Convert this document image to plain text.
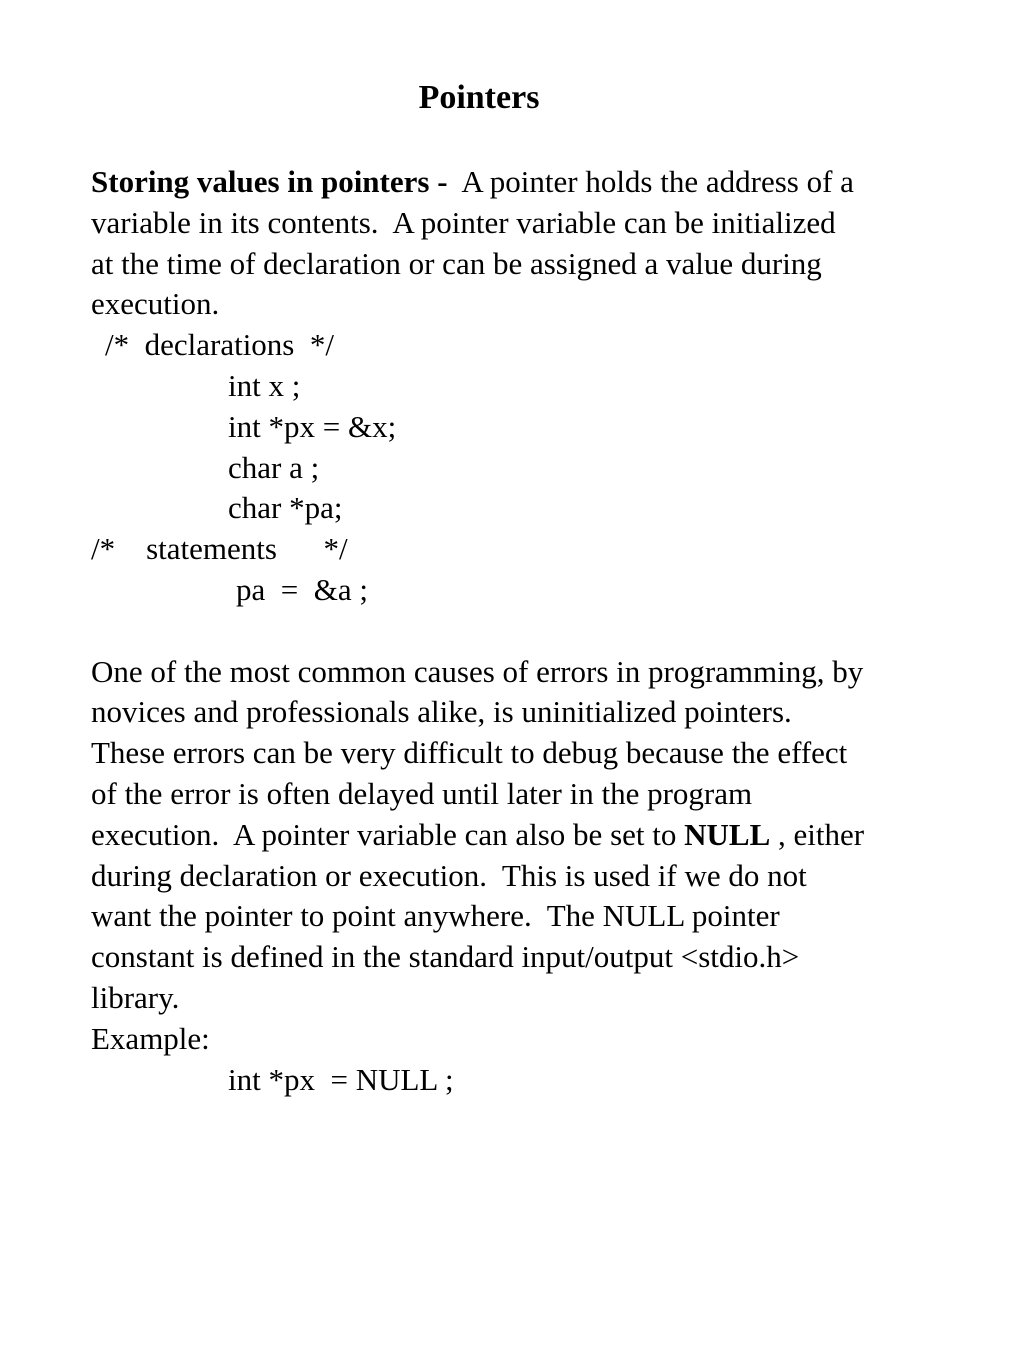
Pointers
Storing values in pointers - A pointer holds the address of a
variable in its contents.  A pointer variable can be initialized
at the time of declaration or can be assigned a value during
execution.
/*  declarations  */
int x ;
int *px = &x;
char a ;
char *pa;
/*    statements      */
pa  =  &a ;
One of the most common causes of errors in programming, by
novices and professionals alike, is uninitialized pointers.
These errors can be very difficult to debug because the effect
of the error is often delayed until later in the program
execution.  A pointer variable can also be set to NULL , either
during declaration or execution.  This is used if we do not
want the pointer to point anywhere.  The NULL pointer
constant is defined in the standard input/output <stdio.h>
library.
Example:
int *px  = NULL ;
